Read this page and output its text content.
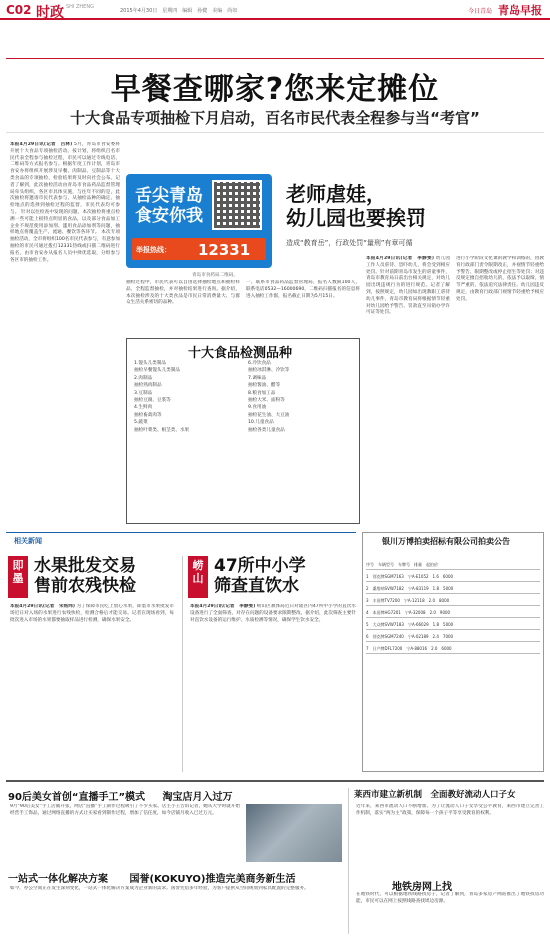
C02 时政 SHI ZHENG
2015年4月30日　星期四　编辑　孙健　美编　尚如	今日青岛 青岛早报
早餐查哪家?您来定摊位
十大食品专项抽检下月启动，百名市民代表全程参与当“考官”
本报4月29日讯(记者　吕林) 5月，青岛市食安委将开展十大食品专项抽检活动。按计划，将组织百名市民代表全程参与抽检过程，市民可以通过专线电话、二维码等方式报名参与。根据年度工作计划，青岛市食安办将组织开展涉及早餐、肉制品、豆制品等十大类食品的专项抽检，检验结果将及时向社会公布。记者了解到，此次抽检活动由青岛市食品药品监督管理局牵头组织，各区市具体实施，与往年不同的是，此次抽检将邀请市民代表参与，从抽检品种的确定、抽检地点的选择到抽检过程的监督，市民代表均可参与。 针对以往检查中发现的问题，本次抽检将重点检测一些可能上损特点明显的食品，以及部分食品加工企业不规范使用添加剂、滥用食品添加剂等问题，抽样地点将覆盖生产、流通、餐饮等各环节。 本次专项抽检活动，全市将组织100名市民代表参与，有意参加抽检的市民可通过拨打12331热线或扫描二维码进行报名，由市食安办从报名人员中择优选取，分组参与各区市的抽检工作。
舌尖青岛
食安你我
举报热线： 12331
青岛市食药局二维码。
抽检过程中，市民代表可以自由选择抽检地点和抽检样品，全程监督抽检，并对抽检结果进行查询。据介绍，本次抽检涉及的十大类食品是市民日常消费量大、与群众生活关系密切的品种。
一、联系市食品药品监督管理局，报名人数限100人，联系电话0532—16000690，二维码扫描报名的信息将进入抽检工作群，报名截止日期为5月15日。
老师虐娃，
幼儿园也要挨罚
造成“教育岳”，行政处罚“量刑”有章可循
本报4月29日讯(记者　李静雯) 幼儿园工作人员虐待、恐吓幼儿，将会受到相应处罚。针对前期青岛市发生的虐童事件，青岛市教育局日前出台相关规定，对幼儿园出现违规行为的进行规范。记者了解到，按照规定，幼儿园如出现教职工虐待幼儿事件，青岛市教育局将根据情节轻重对幼儿园给予警告、罚款直至吊销办学许可证等处罚。
进行小学阶段文化课的教学和训练的，由教育行政部门责令限期改正，并视情节轻重给予警告、限期整改或停止招生等处罚；对违反规定擅自招收幼儿的，依法予以取缔，情节严重的，依法追究法律责任。幼儿园违反规定，由教育行政部门视情节轻重给予相应处罚。
十大食品检测品种
1.馒头儿类制品
抽检早餐馒头儿类制品
2.肉制品
抽检熟肉制品
3.豆制品
抽检豆腐、豆浆等
4.生鲜肉
抽检畜禽肉等
5.蔬菜
抽检叶菜类、根茎类、水果
6.冷饮食品
抽检冰淇淋、冷饮等
7.调味品
抽检酱油、醋等
8.粮食加工品
抽检大米、面粉等
9.食用油
抽检花生油、大豆油
10.儿童食品
抽检各类儿童食品
相关新闻
即墨
水果批发交易
售前农残快检
本报4月29日讯(记者　宋铭纬) 为了保障市民吃上放心水果，即墨市水果批发市场近日对入场的水果进行农残快检，检测合格后才能交易。记者在现场看到，每批次进入市场的水果都要抽取样品进行检测，确保水果安全。
崂山
47所中小学
筛查直饮水
本报4月29日讯(记者　李静雯) 崂山区教体局近日对辖区内47所中小学的直饮水设备进行了全面筛查，对存在问题的设备要求限期整改。据介绍，此次筛查主要针对直饮水设备的运行维护、水质检测等情况，确保学生饮水安全。
银川万博拍卖招标有限公司拍卖公告
序号　车辆型号　车牌号　排量　起拍价
1　别克牌SGM7163　宁A·E1052　1.6　6000
2　桑塔纳SVW7182　宁A·83119　1.8　5000
3　丰田牌TV7200　宁A·12118　2.0　8000
4　本田牌HG7201　宁A·32008　2.0　9000
5　大众牌SVW7183　宁A·66029　1.8　5000
6　别克牌SGM7240　宁A·02189　2.4　7000
7　日产牌DFL7200　宁A·88016　2.0　6000
90后美女首创“直播手工”模式 淘宝店月入过万
9月“90后美女”手工店铺开张，网店“直播”手工制作过程吸引了不少买家。店主小王告诉记者，她从大学时就开始经营手工饰品，通过网络直播的方式让买家看到制作过程，增加了信任度，如今店铺月收入已过万元。
一站式一体化解决方案 国誉(KOKUYO)推造完美商务新生活
如今，办公空间正在发生深刻变化，一站式一体化解决方案成为企业新的需求。国誉凭借多年经验，为客户提供从空间规划到家具配置的完整服务。
莱西市建立新机制　全面教好流动人口子女
近年来，莱西市流动人口不断增加，为了让流动人口子女享受公平教育，莱西市建立完善工作机制，落实“两为主”政策，保障每一个孩子平等享受教育的权利。
地铁房网上找
在地铁时代，可以根据地铁线路找房子，记者了解到，青岛多家房产网站推出了地铁找房功能，市民可以在网上按照线路查找周边房源。
